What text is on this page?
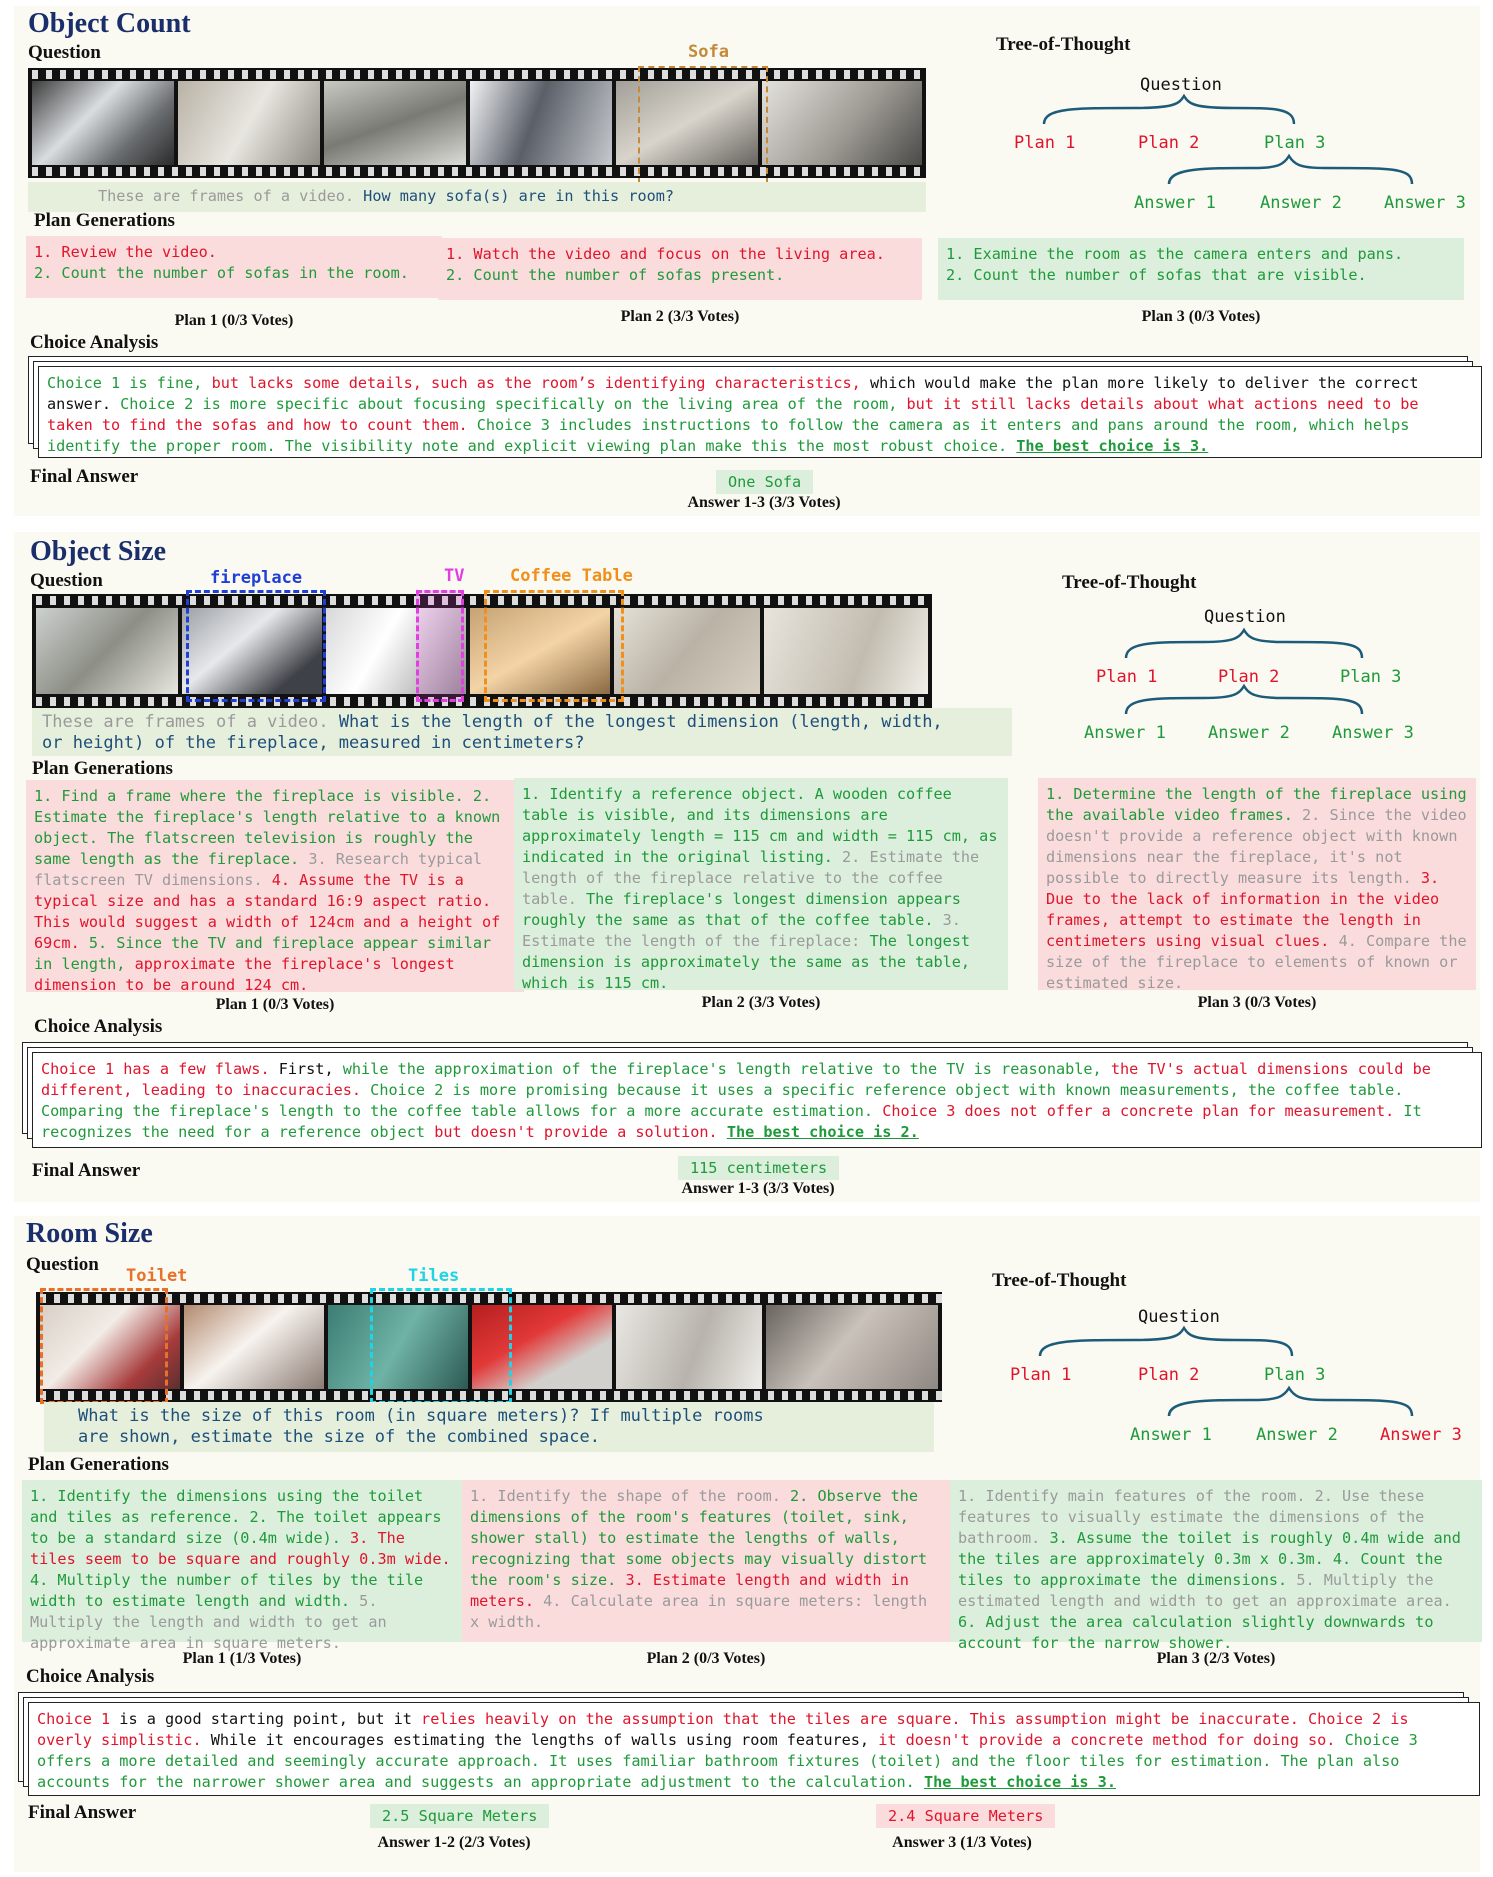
Object Count
Question	Sofa
These are frames of a video. How many sofa(s) are in this room?
Plan Generations
1. Review the video.
2. Count the number of sofas in the room.
1. Watch the video and focus on the living area.
2. Count the number of sofas present.
1. Examine the room as the camera enters and pans.
2. Count the number of sofas that are visible.
Plan 1 (0/3 Votes)	Plan 2 (3/3 Votes)	Plan 3 (0/3 Votes)
Choice Analysis
Choice 1 is fine, but lacks some details, such as the room’s identifying characteristics, which would make the plan more likely to deliver the correct answer. Choice 2 is more specific about focusing specifically on the living area of the room, but it still lacks details about what actions need to be taken to find the sofas and how to count them. Choice 3 includes instructions to follow the camera as it enters and pans around the room, which helps identify the proper room. The visibility note and explicit viewing plan make this the most robust choice. The best choice is 3.
Final Answer	One Sofa
Answer 1-3 (3/3 Votes)
Tree-of-Thought
Question
Plan 1	Plan 2	Plan 3
Answer 1	Answer 2 Answer 3
Object Size
Question	fireplace	TV	Coffee Table
These are frames of a video. What is the length of the longest dimension (length, width,
or height) of the fireplace, measured in centimeters?
Plan Generations
1. Find a frame where the fireplace is visible. 2. Estimate the fireplace's length relative to a known object. The flatscreen television is roughly the same length as the fireplace. 3. Research typical flatscreen TV dimensions. 4. Assume the TV is a typical size and has a standard 16:9 aspect ratio. This would suggest a width of 124cm and a height of 69cm. 5. Since the TV and fireplace appear similar in length, approximate the fireplace's longest dimension to be around 124 cm.
1. Identify a reference object. A wooden coffee table is visible, and its dimensions are approximately length = 115 cm and width = 115 cm, as indicated in the original listing. 2. Estimate the length of the fireplace relative to the coffee table. The fireplace's longest dimension appears roughly the same as that of the coffee table. 3. Estimate the length of the fireplace: The longest dimension is approximately the same as the table, which is 115 cm.
1. Determine the length of the fireplace using the available video frames. 2. Since the video doesn't provide a reference object with known dimensions near the fireplace, it's not possible to directly measure its length. 3. Due to the lack of information in the video frames, attempt to estimate the length in centimeters using visual clues. 4. Compare the size of the fireplace to elements of known or estimated size.
Plan 1 (0/3 Votes)	Plan 2 (3/3 Votes)	Plan 3 (0/3 Votes)
Choice Analysis
Choice 1 has a few flaws. First, while the approximation of the fireplace's length relative to the TV is reasonable, the TV's actual dimensions could be different, leading to inaccuracies. Choice 2 is more promising because it uses a specific reference object with known measurements, the coffee table. Comparing the fireplace's length to the coffee table allows for a more accurate estimation. Choice 3 does not offer a concrete plan for measurement. It recognizes the need for a reference object but doesn't provide a solution. The best choice is 2.
Final Answer	115 centimeters
Answer 1-3 (3/3 Votes)
Tree-of-Thought
Question
Plan 1	Plan 2	Plan 3
Answer 1 Answer 2 Answer 3
Room Size
Question
Toilet	Tiles
What is the size of this room (in square meters)? If multiple rooms
are shown, estimate the size of the combined space.
Plan Generations
1. Identify the dimensions using the toilet and tiles as reference. 2. The toilet appears to be a standard size (0.4m wide). 3. The tiles seem to be square and roughly 0.3m wide. 4. Multiply the number of tiles by the tile width to estimate length and width. 5. Multiply the length and width to get an approximate area in square meters.
1. Identify the shape of the room. 2. Observe the dimensions of the room's features (toilet, sink, shower stall) to estimate the lengths of walls, recognizing that some objects may visually distort the room's size. 3. Estimate length and width in meters. 4. Calculate area in square meters: length x width.
1. Identify main features of the room. 2. Use these features to visually estimate the dimensions of the bathroom. 3. Assume the toilet is roughly 0.4m wide and the tiles are approximately 0.3m x 0.3m. 4. Count the tiles to approximate the dimensions. 5. Multiply the estimated length and width to get an approximate area. 6. Adjust the area calculation slightly downwards to account for the narrow shower.
Plan 1 (1/3 Votes)	Plan 2 (0/3 Votes)	Plan 3 (2/3 Votes)
Choice Analysis
Choice 1 is a good starting point, but it relies heavily on the assumption that the tiles are square. This assumption might be inaccurate. Choice 2 is overly simplistic. While it encourages estimating the lengths of walls using room features, it doesn't provide a concrete method for doing so. Choice 3 offers a more detailed and seemingly accurate approach. It uses familiar bathroom fixtures (toilet) and the floor tiles for estimation. The plan also accounts for the narrower shower area and suggests an appropriate adjustment to the calculation. The best choice is 3.
Final Answer	2.5 Square Meters
Answer 1-2 (2/3 Votes)
2.4 Square Meters
Answer 3 (1/3 Votes)
Tree-of-Thought
Question
Plan 1	Plan 2	Plan 3
Answer 1	Answer 2 Answer 3
